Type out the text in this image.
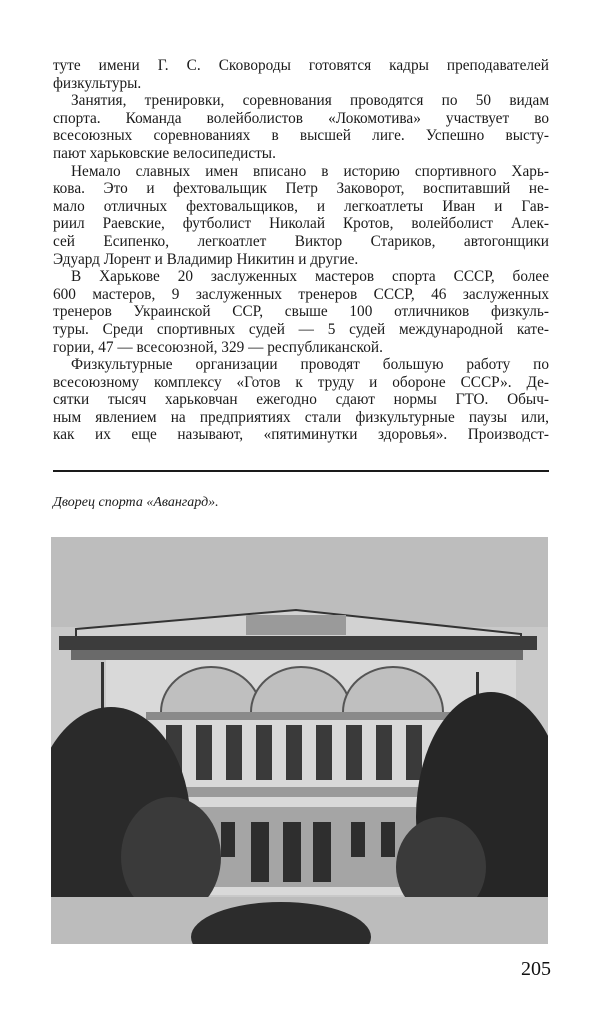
туте имени Г. С. Сковороды готовятся кадры преподавателей
физкультуры.
Занятия, тренировки, соревнования проводятся по 50 видам
спорта. Команда волейболистов «Локомотива» участвует во
всесоюзных соревнованиях в высшей лиге. Успешно высту-
пают харьковские велосипедисты.
Немало славных имен вписано в историю спортивного Харь-
кова. Это и фехтовальщик Петр Заковорот, воспитавший не-
мало отличных фехтовальщиков, и легкоатлеты Иван и Гав-
риил Раевские, футболист Николай Кротов, волейболист Алек-
сей Есипенко, легкоатлет Виктор Стариков, автогонщики
Эдуард Лорент и Владимир Никитин и другие.
В Харькове 20 заслуженных мастеров спорта СССР, более
600 мастеров, 9 заслуженных тренеров СССР, 46 заслуженных
тренеров Украинской ССР, свыше 100 отличников физкуль-
туры. Среди спортивных судей — 5 судей международной кате-
гории, 47 — всесоюзной, 329 — республиканской.
Физкультурные организации проводят большую работу по
всесоюзному комплексу «Готов к труду и обороне СССР». Де-
сятки тысяч харьковчан ежегодно сдают нормы ГТО. Обыч-
ным явлением на предприятиях стали физкультурные паузы или,
как их еще называют, «пятиминутки здоровья». Производст-
Дворец спорта «Авангард».
205
